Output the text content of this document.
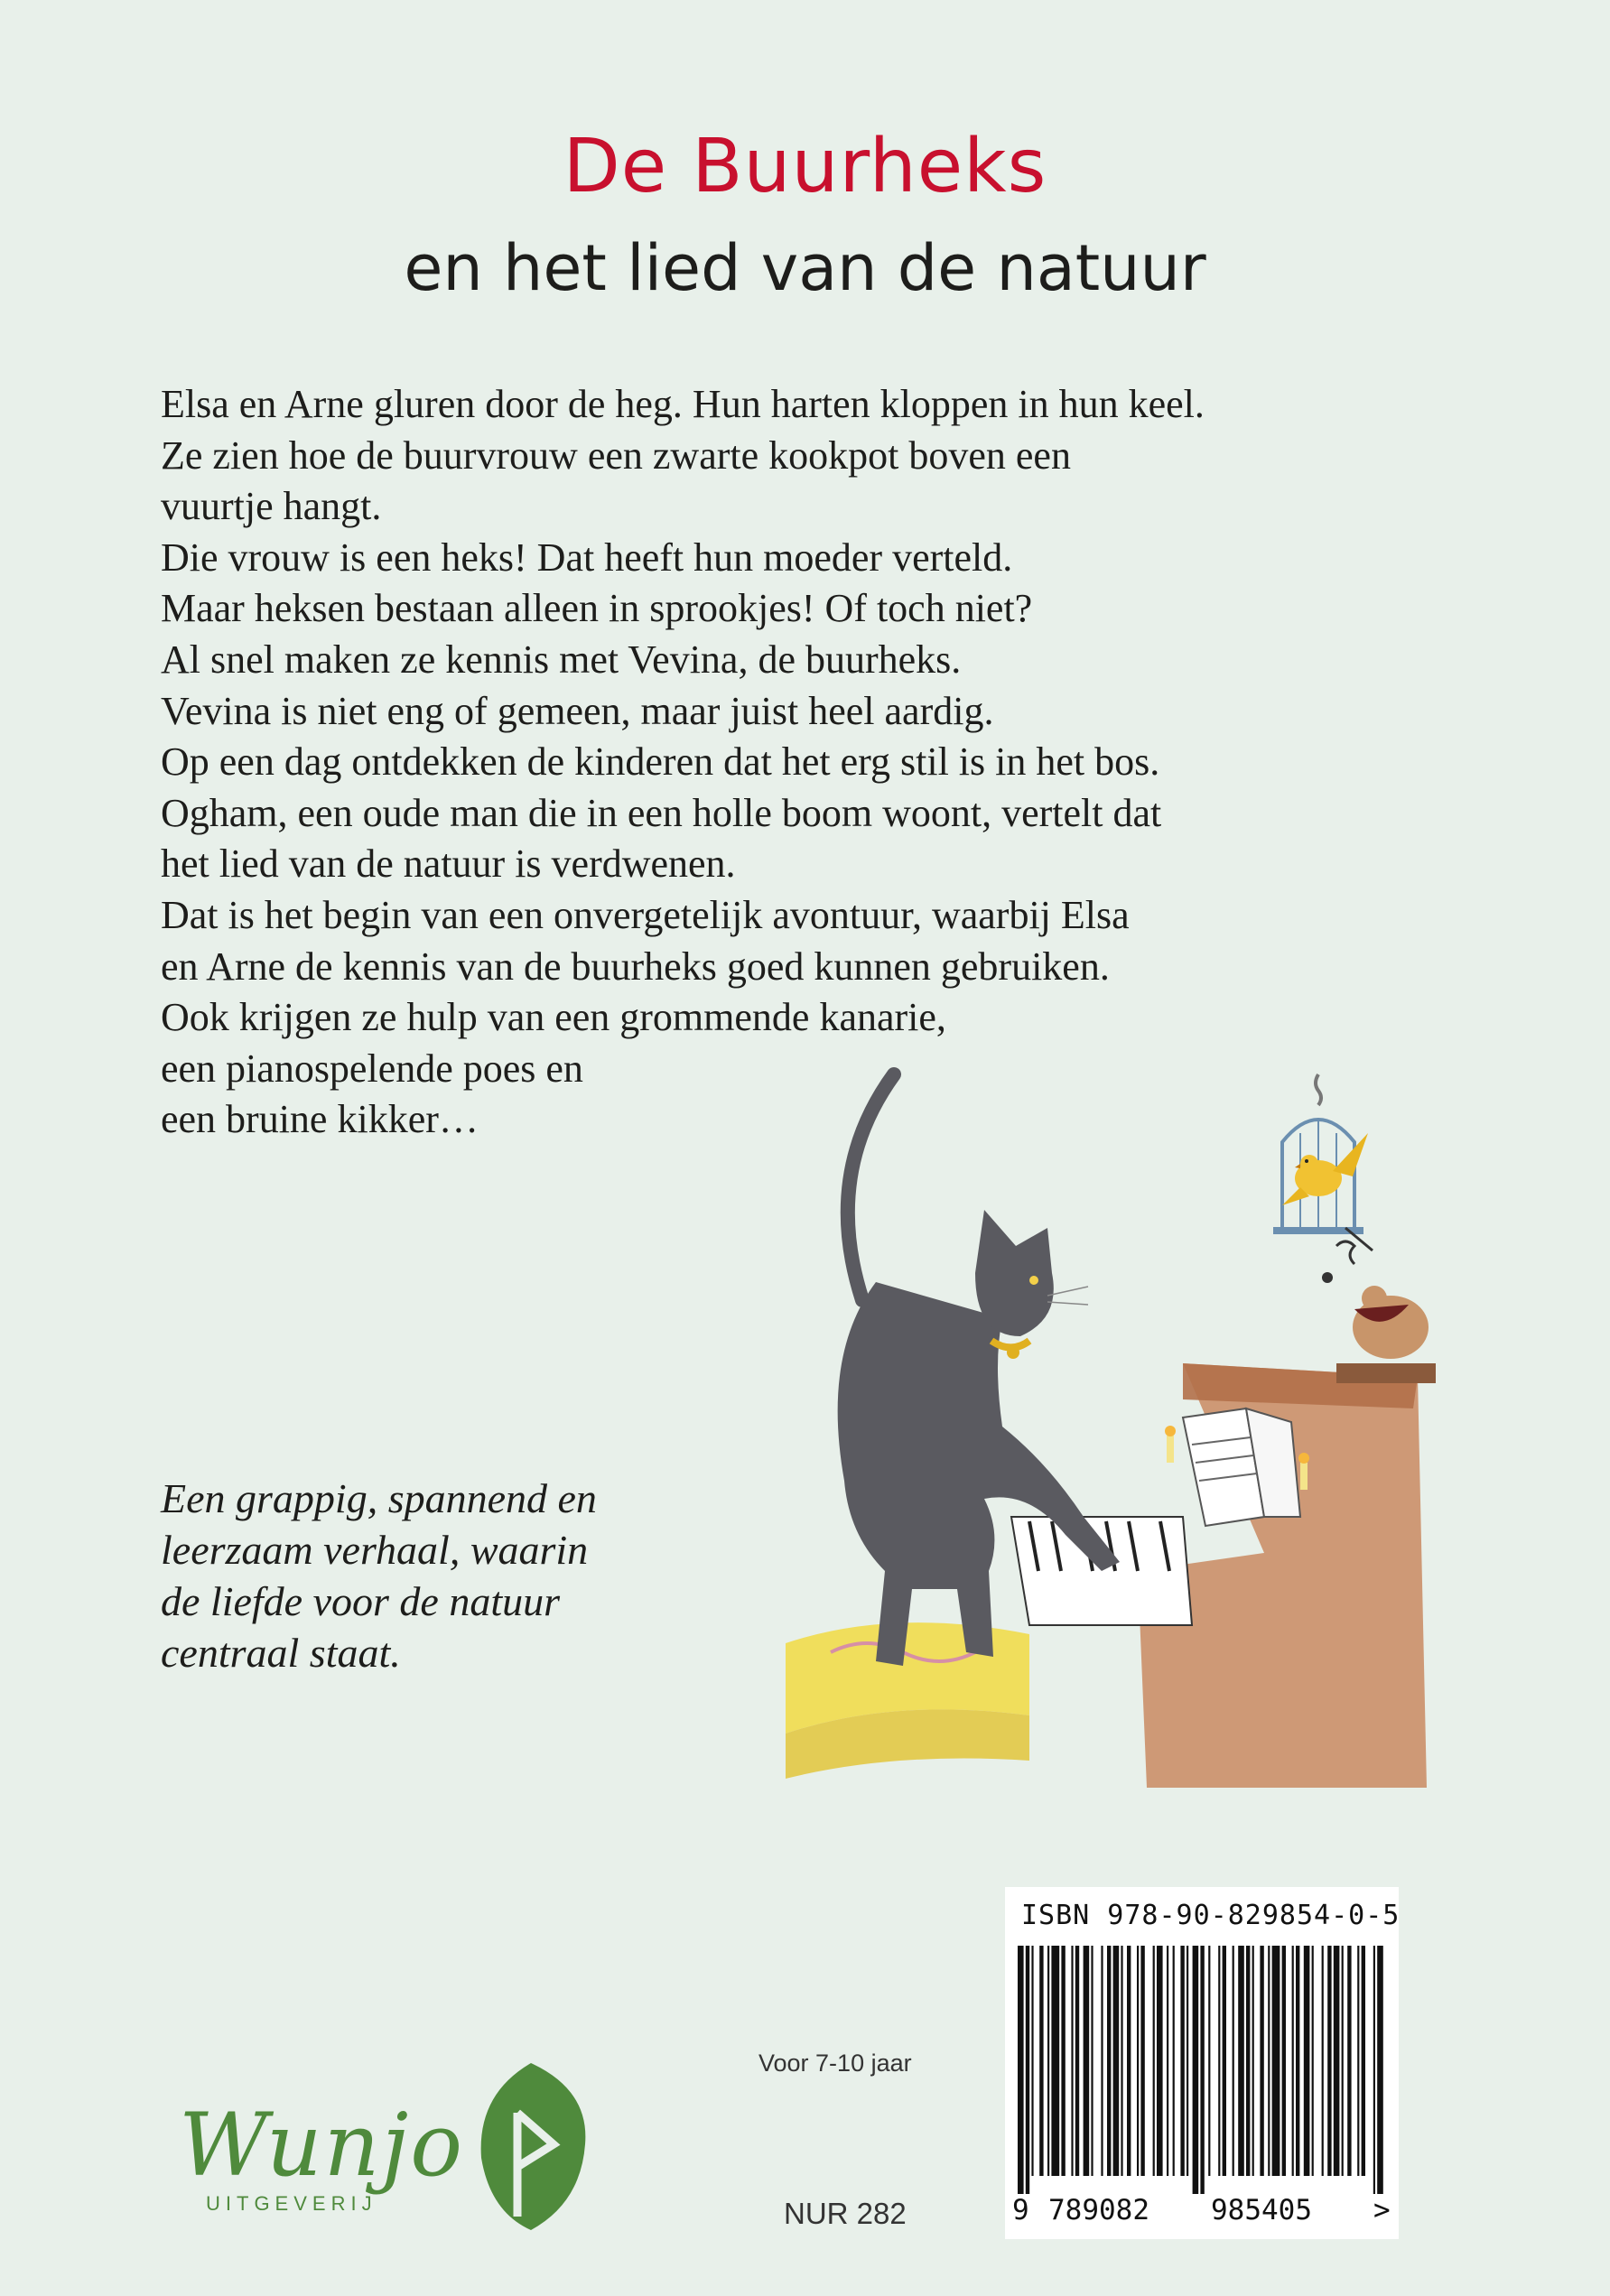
De Buurheks
en het lied van de natuur
Elsa en Arne gluren door de heg. Hun harten kloppen in hun keel.
Ze zien hoe de buurvrouw een zwarte kookpot boven een
vuurtje hangt.
Die vrouw is een heks! Dat heeft hun moeder verteld.
Maar heksen bestaan alleen in sprookjes! Of toch niet?
Al snel maken ze kennis met Vevina, de buurheks.
Vevina is niet eng of gemeen, maar juist heel aardig.
Op een dag ontdekken de kinderen dat het erg stil is in het bos.
Ogham, een oude man die in een holle boom woont, vertelt dat
het lied van de natuur is verdwenen.
Dat is het begin van een onvergetelijk avontuur, waarbij Elsa
en Arne de kennis van de buurheks goed kunnen gebruiken.
Ook krijgen ze hulp van een grommende kanarie,
een pianospelende poes en
een bruine kikker…
Een grappig, spannend en
leerzaam verhaal, waarin
de liefde voor de natuur
centraal staat.
Wunjo
UITGEVERIJ
Voor 7-10 jaar
NUR 282
ISBN 978-90-829854-0-5
9 789082 985405 >
